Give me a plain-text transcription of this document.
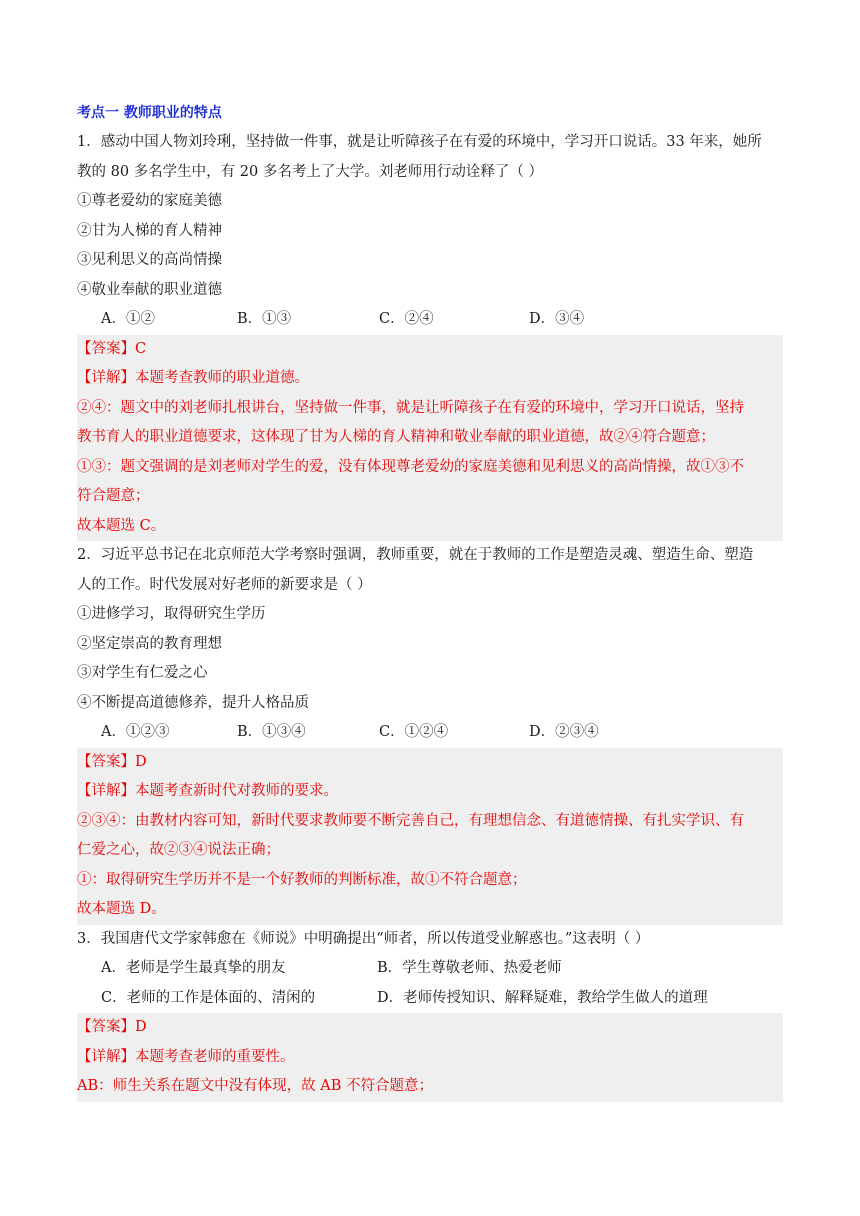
考点一 教师职业的特点
1．感动中国人物刘玲琍，坚持做一件事，就是让听障孩子在有爱的环境中，学习开口说话。33 年来，她所
教的 80 多名学生中，有 20 多名考上了大学。刘老师用行动诠释了（ ）
①尊老爱幼的家庭美德
②甘为人梯的育人精神
③见利思义的高尚情操
④敬业奉献的职业道德
A．①②	B．①③	C．②④	D．③④
【答案】C
【详解】本题考查教师的职业道德。
②④：题文中的刘老师扎根讲台，坚持做一件事，就是让听障孩子在有爱的环境中，学习开口说话，坚持
教书育人的职业道德要求，这体现了甘为人梯的育人精神和敬业奉献的职业道德，故②④符合题意；
①③：题文强调的是刘老师对学生的爱，没有体现尊老爱幼的家庭美德和见利思义的高尚情操，故①③不
符合题意；
故本题选 C。
2．习近平总书记在北京师范大学考察时强调，教师重要，就在于教师的工作是塑造灵魂、塑造生命、塑造
人的工作。时代发展对好老师的新要求是（ ）
①进修学习，取得研究生学历
②坚定崇高的教育理想
③对学生有仁爱之心
④不断提高道德修养，提升人格品质
A．①②③	B．①③④	C．①②④	D．②③④
【答案】D
【详解】本题考查新时代对教师的要求。
②③④：由教材内容可知，新时代要求教师要不断完善自己，有理想信念、有道德情操、有扎实学识、有
仁爱之心，故②③④说法正确；
①：取得研究生学历并不是一个好教师的判断标准，故①不符合题意；
故本题选 D。
3．我国唐代文学家韩愈在《师说》中明确提出“师者，所以传道受业解惑也。”这表明（ ）
A．老师是学生最真挚的朋友	B．学生尊敬老师、热爱老师
C．老师的工作是体面的、清闲的	D．老师传授知识、解释疑难，教给学生做人的道理
【答案】D
【详解】本题考查老师的重要性。
AB：师生关系在题文中没有体现，故 AB 不符合题意；
